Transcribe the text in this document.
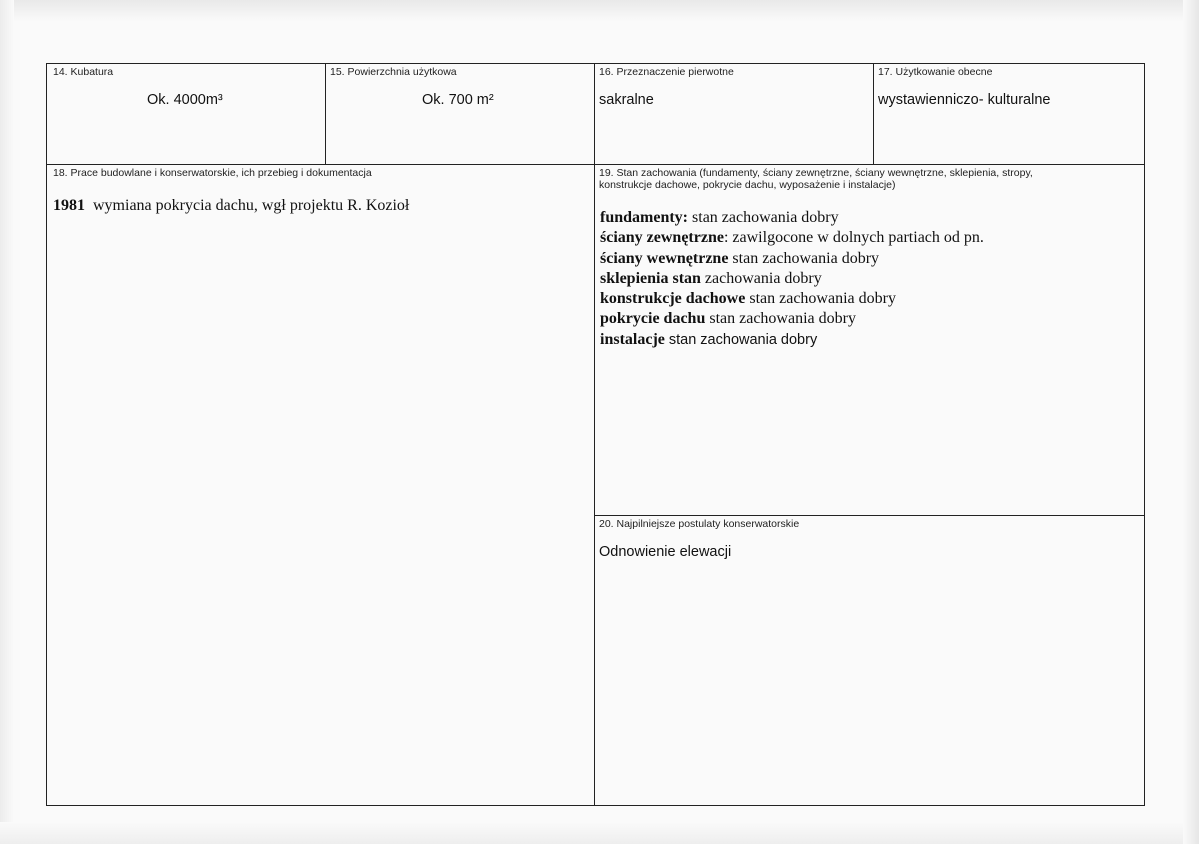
14. Kubatura
Ok. 4000m³
15. Powierzchnia użytkowa
Ok. 700 m²
16. Przeznaczenie pierwotne
sakralne
17. Użytkowanie obecne
wystawienniczo- kulturalne
18. Prace budowlane i konserwatorskie, ich przebieg i dokumentacja
1981 wymiana pokrycia dachu, wgł projektu R. Kozioł
19. Stan zachowania (fundamenty, ściany zewnętrzne, ściany wewnętrzne, sklepienia, stropy,
konstrukcje dachowe, pokrycie dachu, wyposażenie i instalacje)
fundamenty: stan zachowania dobry
ściany zewnętrzne: zawilgocone w dolnych partiach od pn.
ściany wewnętrzne stan zachowania dobry
sklepienia stan zachowania dobry
konstrukcje dachowe stan zachowania dobry
pokrycie dachu stan zachowania dobry
instalacje stan zachowania dobry
20. Najpilniejsze postulaty konserwatorskie
Odnowienie elewacji
